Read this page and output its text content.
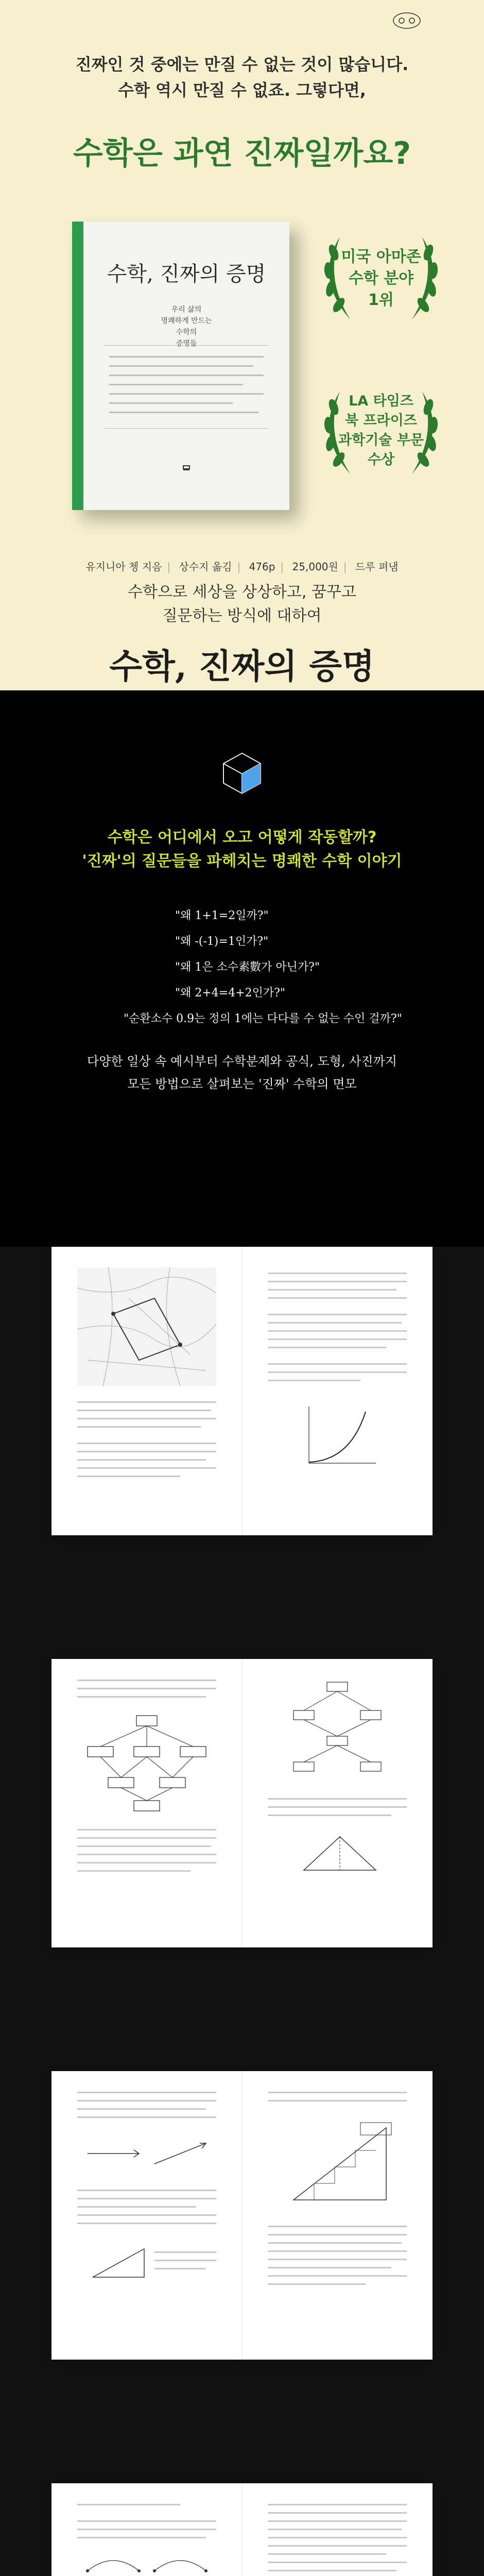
진짜인 것 중에는 만질 수 없는 것이 많습니다.
수학 역시 만질 수 없죠. 그렇다면,
수학은 과연 진짜일까요?
수학, 진짜의 증명
우리 삶의
명쾌하게 만드는
수학의
증명들
미국 아마존
수학 분야
1위
LA 타임즈
북 프라이즈
과학기술 부문
수상
유지니아 쳉 지음 | 상수지 옮김 | 476p | 25,000원 | 드루 펴냄
수학으로 세상을 상상하고, 꿈꾸고
질문하는 방식에 대하여
수학, 진짜의 증명
수학은 어디에서 오고 어떻게 작동할까?
'진짜'의 질문들을 파헤치는 명쾌한 수학 이야기
"왜 1+1=2일까?"
"왜 -(-1)=1인가?"
"왜 1은 소수素數가 아닌가?"
"왜 2+4=4+2인가?"
"순환소수 0.9는 정의 1에는 다다를 수 없는 수인 걸까?"
다양한 일상 속 예시부터 수학분제와 공식, 도형, 사진까지
모든 방법으로 살펴보는 '진짜' 수학의 면모
